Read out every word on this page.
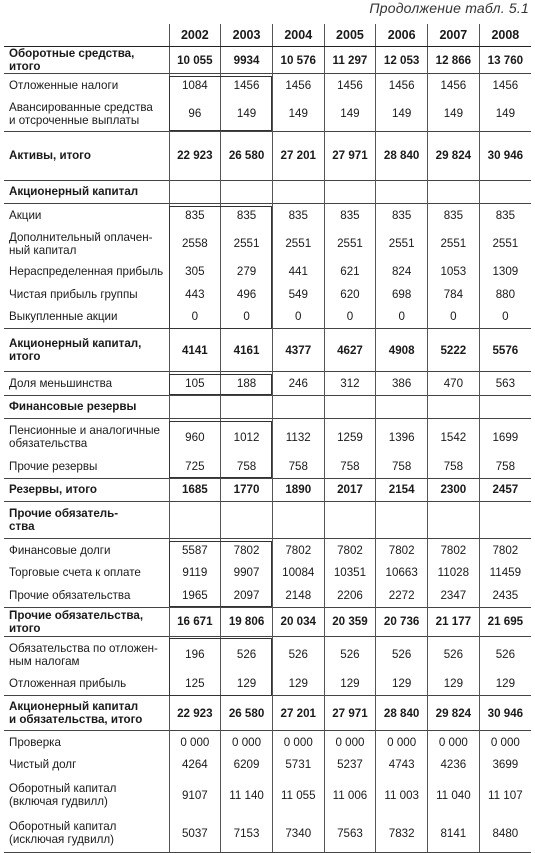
Продолжение табл. 5.1
	2002	2003	2004	2005	2006	2007	2008
Оборотные средства, итого	10 055	9934	10 576	11 297	12 053	12 866	13 760
Отложенные налоги	1084	1456	1456	1456	1456	1456	1456
Авансированные средства
и отсроченные выплаты	96	149	149	149	149	149	149
Активы, итого	22 923	26 580	27 201	27 971	28 840	29 824	30 946
Акционерный капитал							
Акции	835	835	835	835	835	835	835
Дополнительный оплачен-
ный капитал	2558	2551	2551	2551	2551	2551	2551
Нераспределенная прибыль	305	279	441	621	824	1053	1309
Чистая прибыль группы	443	496	549	620	698	784	880
Выкупленные акции	0	0	0	0	0	0	0
Акционерный капитал,
итого	4141	4161	4377	4627	4908	5222	5576
Доля меньшинства	105	188	246	312	386	470	563
Финансовые резервы							
Пенсионные и аналогичные
обязательства	960	1012	1132	1259	1396	1542	1699
Прочие резервы	725	758	758	758	758	758	758
Резервы, итого	1685	1770	1890	2017	2154	2300	2457
Прочие обязатель-
ства							
Финансовые долги	5587	7802	7802	7802	7802	7802	7802
Торговые счета к оплате	9119	9907	10084	10351	10663	11028	11459
Прочие обязательства	1965	2097	2148	2206	2272	2347	2435
Прочие обязательства,
итого	16 671	19 806	20 034	20 359	20 736	21 177	21 695
Обязательства по отложен-
ным налогам	196	526	526	526	526	526	526
Отложенная прибыль	125	129	129	129	129	129	129
Акционерный капитал
и обязательства, итого	22 923	26 580	27 201	27 971	28 840	29 824	30 946
Проверка	0 000	0 000	0 000	0 000	0 000	0 000	0 000
Чистый долг	4264	6209	5731	5237	4743	4236	3699
Оборотный капитал
(включая гудвилл)	9107	11 140	11 055	11 006	11 003	11 040	11 107
Оборотный капитал
(исключая гудвилл)	5037	7153	7340	7563	7832	8141	8480
